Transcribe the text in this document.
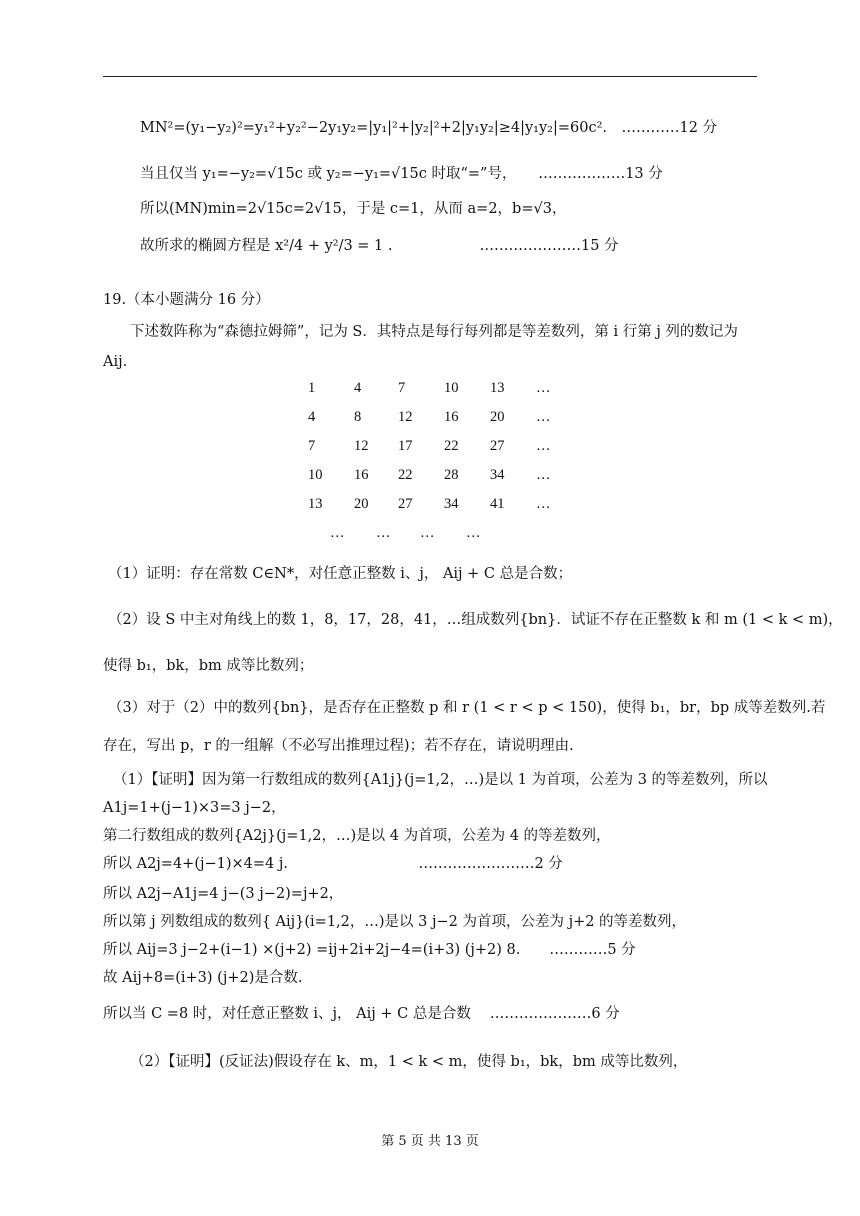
MN²=(y₁−y₂)²=y₁²+y₂²−2y₁y₂=|y₁|²+|y₂|²+2|y₁y₂|≥4|y₁y₂|=60c².　…………12 分
当且仅当 y₁=−y₂=√15c 或 y₂=−y₁=√15c 时取“=”号，　　………………13 分
所以(MN)min=2√15c=2√15，于是 c=1，从而 a=2，b=√3，
故所求的椭圆方程是 x²/4 + y²/3 = 1 .　　　　　　…………………15 分
19.（本小题满分 16 分）
下述数阵称为“森德拉姆筛”，记为 S．其特点是每行每列都是等差数列，第 i 行第 j 列的数记为
Aij.
（1）证明：存在常数 C∈N*，对任意正整数 i、j， Aij + C 总是合数；
（2）设 S 中主对角线上的数 1，8，17，28，41，…组成数列{bn}．试证不存在正整数 k 和 m (1 < k < m)，
使得 b₁，bk，bm 成等比数列；
（3）对于（2）中的数列{bn}，是否存在正整数 p 和 r (1 < r < p < 150)，使得 b₁，br，bp 成等差数列.若
存在，写出 p，r 的一组解（不必写出推理过程)；若不存在，请说明理由.
（1）【证明】因为第一行数组成的数列{A1j}(j=1,2，…)是以 1 为首项，公差为 3 的等差数列，所以
A1j=1+(j−1)×3=3 j−2，
第二行数组成的数列{A2j}(j=1,2，…)是以 4 为首项，公差为 4 的等差数列，
所以 A2j=4+(j−1)×4=4 j.　　　　　　　　　……………………2 分
所以 A2j−A1j=4 j−(3 j−2)=j+2，
所以第 j 列数组成的数列{ Aij}(i=1,2，…)是以 3 j−2 为首项，公差为 j+2 的等差数列，
所以 Aij=3 j−2+(i−1) ×(j+2) =ij+2i+2j−4=(i+3) (j+2) 8.　　…………5 分
故 Aij+8=(i+3) (j+2)是合数.
所以当 C =8 时，对任意正整数 i、j， Aij + C 总是合数　 …………………6 分
（2）【证明】(反证法)假设存在 k、m，1 < k < m，使得 b₁，bk，bm 成等比数列，
1	4	7	10	13	…
4	8	12	16	20	…
7	12	17	22	27	…
10	16	22	28	34	…
13	20	27	34	41	…
…	…	…	…
第 5 页 共 13 页
